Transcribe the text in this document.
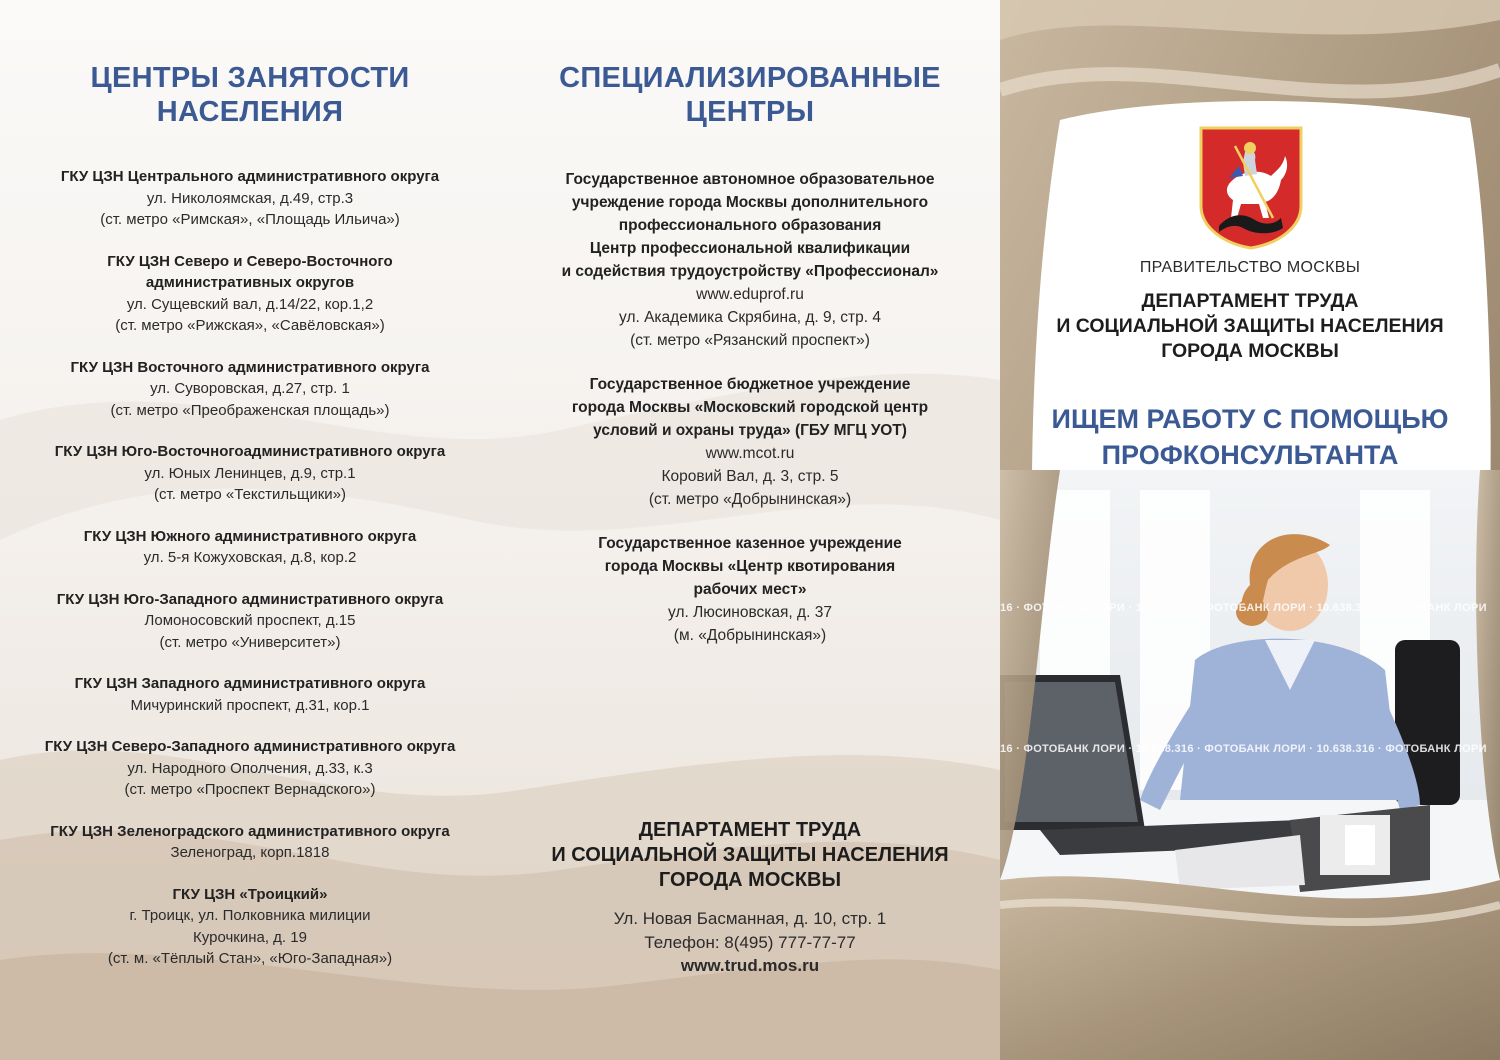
ЦЕНТРЫ ЗАНЯТОСТИ
НАСЕЛЕНИЯ
ГКУ ЦЗН Центрального административного округа
ул. Николоямская, д.49, стр.3
(ст. метро «Римская», «Площадь Ильича»)
ГКУ ЦЗН Северо и Северо-Восточного
административных округов
ул. Сущевский вал, д.14/22, кор.1,2
(ст. метро «Рижская», «Савёловская»)
ГКУ ЦЗН Восточного административного округа
ул. Суворовская, д.27, стр. 1
(ст. метро «Преображенская площадь»)
ГКУ ЦЗН Юго-Восточногоадминистративного округа
ул. Юных Ленинцев, д.9, стр.1
(ст. метро «Текстильщики»)
ГКУ ЦЗН Южного административного округа
ул. 5-я Кожуховская, д.8, кор.2
ГКУ ЦЗН Юго-Западного административного округа
Ломоносовский проспект, д.15
(ст. метро «Университет»)
ГКУ ЦЗН Западного административного округа
Мичуринский проспект, д.31, кор.1
ГКУ ЦЗН Северо-Западного административного округа
ул. Народного Ополчения, д.33, к.3
(ст. метро «Проспект Вернадского»)
ГКУ ЦЗН Зеленоградского административного округа
Зеленоград, корп.1818
ГКУ ЦЗН «Троицкий»
г. Троицк, ул. Полковника милиции
Курочкина, д. 19
(ст. м. «Тёплый Стан», «Юго-Западная»)
СПЕЦИАЛИЗИРОВАННЫЕ
ЦЕНТРЫ
Государственное автономное образовательное
учреждение города Москвы дополнительного
профессионального образования
Центр профессиональной квалификации
и содействия трудоустройству «Профессионал»
www.eduprof.ru
ул. Академика Скрябина, д. 9, стр. 4
(ст. метро «Рязанский проспект»)
Государственное бюджетное учреждение
города Москвы «Московский городской центр
условий и охраны труда» (ГБУ МГЦ УОТ)
www.mcot.ru
Коровий Вал, д. 3, стр. 5
(ст. метро «Добрынинская»)
Государственное казенное учреждение
города Москвы «Центр квотирования
рабочих мест»
ул. Люсиновская, д. 37
(м. «Добрынинская»)
ДЕПАРТАМЕНТ ТРУДА
И СОЦИАЛЬНОЙ ЗАЩИТЫ НАСЕЛЕНИЯ
ГОРОДА МОСКВЫ
Ул. Новая Басманная, д. 10, стр. 1
Телефон: 8(495) 777-77-77
www.trud.mos.ru
ПРАВИТЕЛЬСТВО МОСКВЫ
ДЕПАРТАМЕНТ ТРУДА
И СОЦИАЛЬНОЙ ЗАЩИТЫ НАСЕЛЕНИЯ
ГОРОДА МОСКВЫ
ИЩЕМ РАБОТУ С ПОМОЩЬЮ
ПРОФКОНСУЛЬТАНТА
16 · ФОТОБАНК ЛОРИ · 10.638.316 · ФОТОБАНК ЛОРИ · 10.638.316 · ФОТОБАНК ЛОРИ
16 · ФОТОБАНК ЛОРИ · 10.638.316 · ФОТОБАНК ЛОРИ · 10.638.316 · ФОТОБАНК ЛОРИ
